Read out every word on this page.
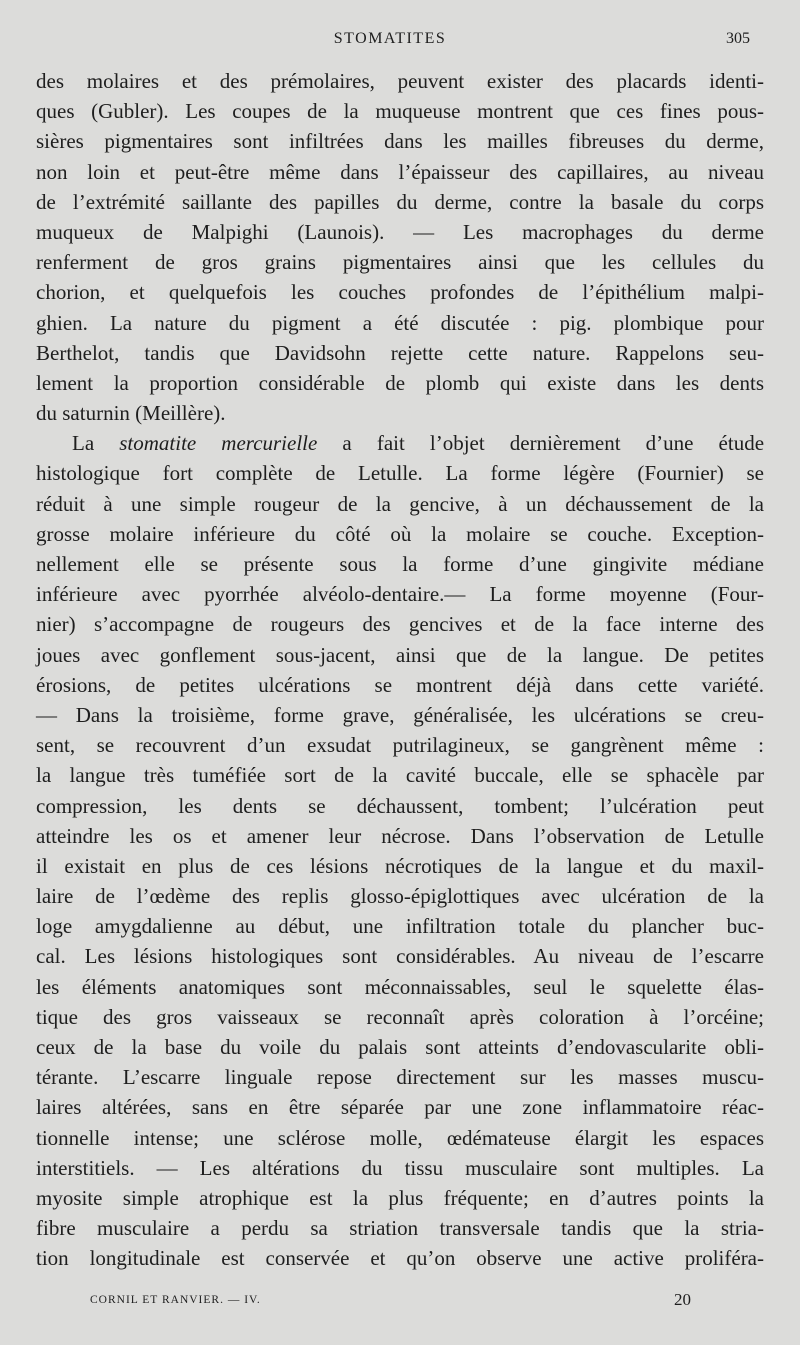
STOMATITES	305
des molaires et des prémolaires, peuvent exister des placards identi-
ques (Gubler). Les coupes de la muqueuse montrent que ces fines pous-
sières pigmentaires sont infiltrées dans les mailles fibreuses du derme,
non loin et peut-être même dans l’épaisseur des capillaires, au niveau
de l’extrémité saillante des papilles du derme, contre la basale du corps
muqueux de Malpighi (Launois). — Les macrophages du derme
renferment de gros grains pigmentaires ainsi que les cellules du
chorion, et quelquefois les couches profondes de l’épithélium malpi-
ghien. La nature du pigment a été discutée : pig. plombique pour
Berthelot, tandis que Davidsohn rejette cette nature. Rappelons seu-
lement la proportion considérable de plomb qui existe dans les dents
du saturnin (Meillère).
La stomatite mercurielle a fait l’objet dernièrement d’une étude
histologique fort complète de Letulle. La forme légère (Fournier) se
réduit à une simple rougeur de la gencive, à un déchaussement de la
grosse molaire inférieure du côté où la molaire se couche. Exception-
nellement elle se présente sous la forme d’une gingivite médiane
inférieure avec pyorrhée alvéolo-dentaire.— La forme moyenne (Four-
nier) s’accompagne de rougeurs des gencives et de la face interne des
joues avec gonflement sous-jacent, ainsi que de la langue. De petites
érosions, de petites ulcérations se montrent déjà dans cette variété.
— Dans la troisième, forme grave, généralisée, les ulcérations se creu-
sent, se recouvrent d’un exsudat putrilagineux, se gangrènent même :
la langue très tuméfiée sort de la cavité buccale, elle se sphacèle par
compression, les dents se déchaussent, tombent; l’ulcération peut
atteindre les os et amener leur nécrose. Dans l’observation de Letulle
il existait en plus de ces lésions nécrotiques de la langue et du maxil-
laire de l’œdème des replis glosso-épiglottiques avec ulcération de la
loge amygdalienne au début, une infiltration totale du plancher buc-
cal. Les lésions histologiques sont considérables. Au niveau de l’escarre
les éléments anatomiques sont méconnaissables, seul le squelette élas-
tique des gros vaisseaux se reconnaît après coloration à l’orcéine;
ceux de la base du voile du palais sont atteints d’endovascularite obli-
térante. L’escarre linguale repose directement sur les masses muscu-
laires altérées, sans en être séparée par une zone inflammatoire réac-
tionnelle intense; une sclérose molle, œdémateuse élargit les espaces
interstitiels. — Les altérations du tissu musculaire sont multiples. La
myosite simple atrophique est la plus fréquente; en d’autres points la
fibre musculaire a perdu sa striation transversale tandis que la stria-
tion longitudinale est conservée et qu’on observe une active proliféra-
CORNIL ET RANVIER. — IV.	20
